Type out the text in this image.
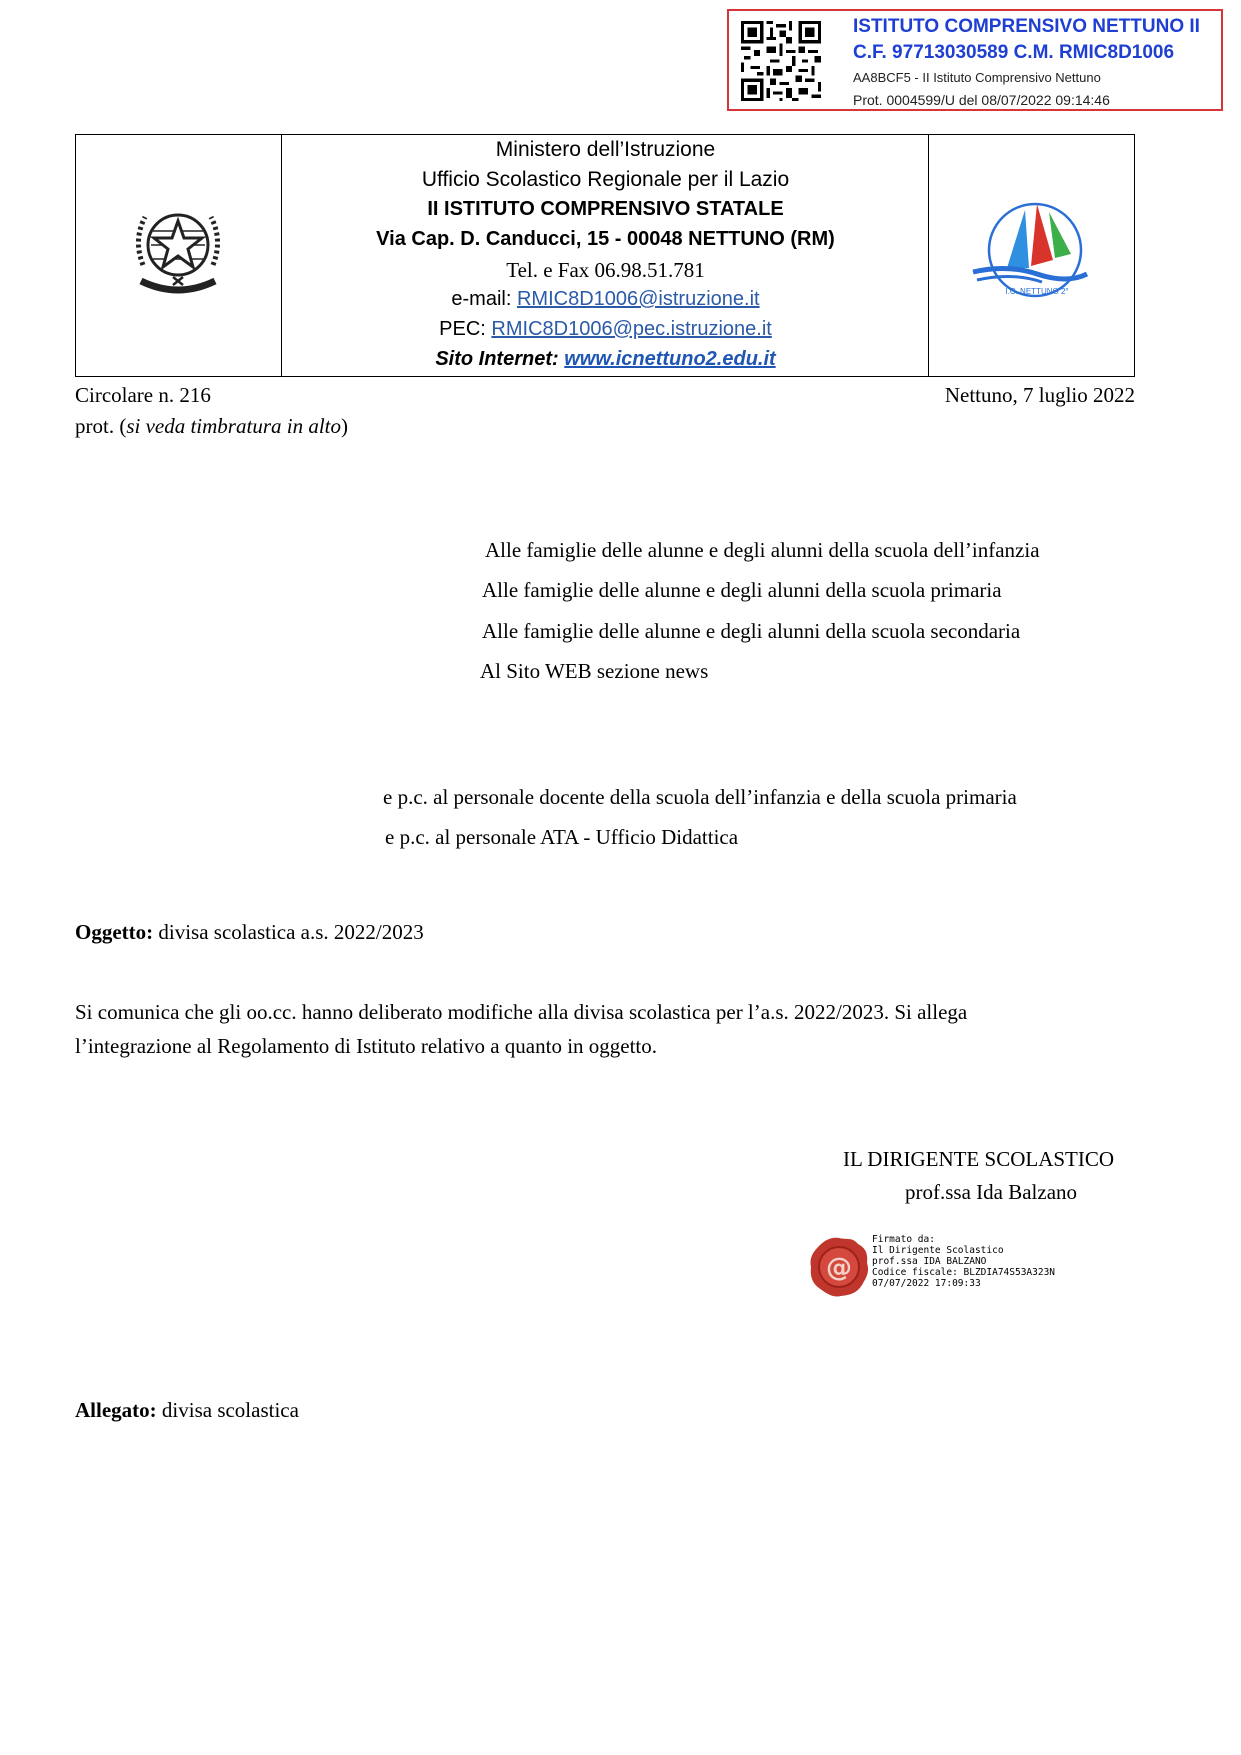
ISTITUTO COMPRENSIVO NETTUNO II
C.F. 97713030589 C.M. RMIC8D1006
AA8BCF5 - II Istituto Comprensivo Nettuno
Prot. 0004599/U del 08/07/2022 09:14:46
Ministero dell’Istruzione
Ufficio Scolastico Regionale per il Lazio
II ISTITUTO COMPRENSIVO STATALE
Via Cap. D. Canducci, 15 - 00048 NETTUNO (RM)
Tel. e Fax 06.98.51.781
e-mail: RMIC8D1006@istruzione.it
PEC: RMIC8D1006@pec.istruzione.it
Sito Internet: www.icnettuno2.edu.it
I.C. NETTUNO 2°
Circolare n. 216	Nettuno, 7 luglio 2022
prot. (si veda timbratura in alto)
Alle famiglie delle alunne e degli alunni della scuola dell’infanzia
Alle famiglie delle alunne e degli alunni della scuola primaria
Alle famiglie delle alunne e degli alunni della scuola secondaria
Al Sito WEB sezione news
e p.c. al personale docente della scuola dell’infanzia e della scuola primaria
e p.c. al personale ATA - Ufficio Didattica
Oggetto: divisa scolastica a.s. 2022/2023
Si comunica che gli oo.cc. hanno deliberato modifiche alla divisa scolastica per l’a.s. 2022/2023. Si allega
l’integrazione al Regolamento di Istituto relativo a quanto in oggetto.
IL DIRIGENTE SCOLASTICO
prof.ssa Ida Balzano
@
Firmato da:
Il Dirigente Scolastico
prof.ssa IDA BALZANO
Codice fiscale: BLZDIA74S53A323N
07/07/2022 17:09:33
Allegato: divisa scolastica
